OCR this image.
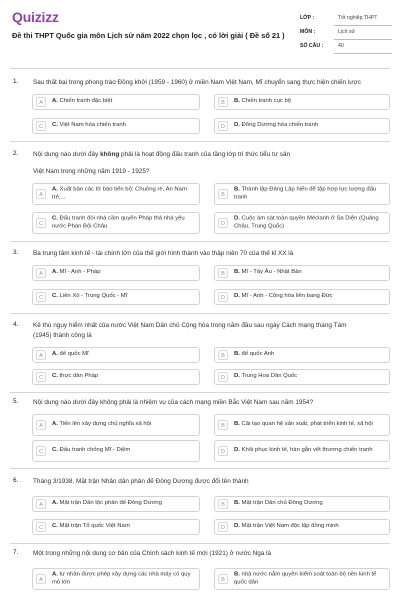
Quizizz
Đề thi THPT Quốc gia môn Lịch sử năm 2022 chọn lọc , có lời giải ( Đề số 21 )
LỚP :	Tốt nghiệp THPT
MÔN :	Lịch sử
SỐ CÂU :	40
1. Sau thất bại trong phong trào Đồng khởi (1959 - 1960) ở miền Nam Việt Nam, Mĩ chuyển sang thực hiện chiến lược
A	A. Chiến tranh đặc biệt	B	B. Chiến tranh cục bộ
C	C. Việt Nam hóa chiến tranh	D	D. Đông Dương hóa chiến tranh
2. Nội dung nào dưới đây không phải là hoạt động đấu tranh của tầng lớp trí thức tiểu tư sản
Việt Nam trong những năm 1919 - 1925?
A
A. Xuất bản các tờ báo tiến bộ: Chuông rè, An Nam trẻ,...	B
B. Thành lập Đảng Lập hiến để tập hợp lực lượng đấu tranh
C
C. Đấu tranh đòi nhà cầm quyền Pháp thả nhà yêu nước Phan Bội Châu	D
D. Cuộc ám sát toàn quyền Méclanh ở Sa Diện (Quảng Châu, Trung Quốc)
3. Ba trung tâm kinh tế - tài chính lớn của thế giới hình thành vào thập niên 70 của thế kỉ XX là
A	A. Mĩ - Anh - Pháp	B	B. Mĩ - Tây Âu - Nhật Bản
C	C. Liên Xô - Trung Quốc - Mĩ	D	D. Mĩ - Anh - Cộng hòa liên bang Đức
4. Kẻ thù nguy hiểm nhất của nước Việt Nam Dân chủ Cộng hòa trong năm đầu sau ngày Cách mạng tháng Tám
(1945) thành công là
A	A. đế quốc Mĩ	B	B. đế quốc Anh
C	C. thực dân Pháp	D	D. Trung Hoa Dân Quốc
5. Nội dung nào dưới đây không phải là nhiệm vụ của cách mạng miền Bắc Việt Nam sau năm 1954?
A	A. Tiến lên xây dựng chủ nghĩa xã hội	B	B. Cải tạo quan hệ sản xuất, phát triển kinh tế, xã hội
C	C. Đấu tranh chống Mĩ - Diệm	D	D. Khôi phục kinh tế, hàn gắn vết thương chiến tranh
6. Tháng 3/1938, Mặt trận Nhân dân phản đế Đông Dương được đổi tên thành
A	A. Mặt trận Dân tộc phản đế Đông Dương	B	B. Mặt trận Dân chủ Đông Dương
C	C. Mặt trận Tổ quốc Việt Nam	D	D. Mặt trận Việt Nam độc lập đồng minh
7. Một trong những nội dung cơ bản của Chính sách kinh tế mới (1921) ở nước Nga là
A
A. tư nhân được phép xây dựng các nhà máy có quy mô lớn	B
B. nhà nước nắm quyền kiểm soát toàn bộ nền kinh tế quốc dân
